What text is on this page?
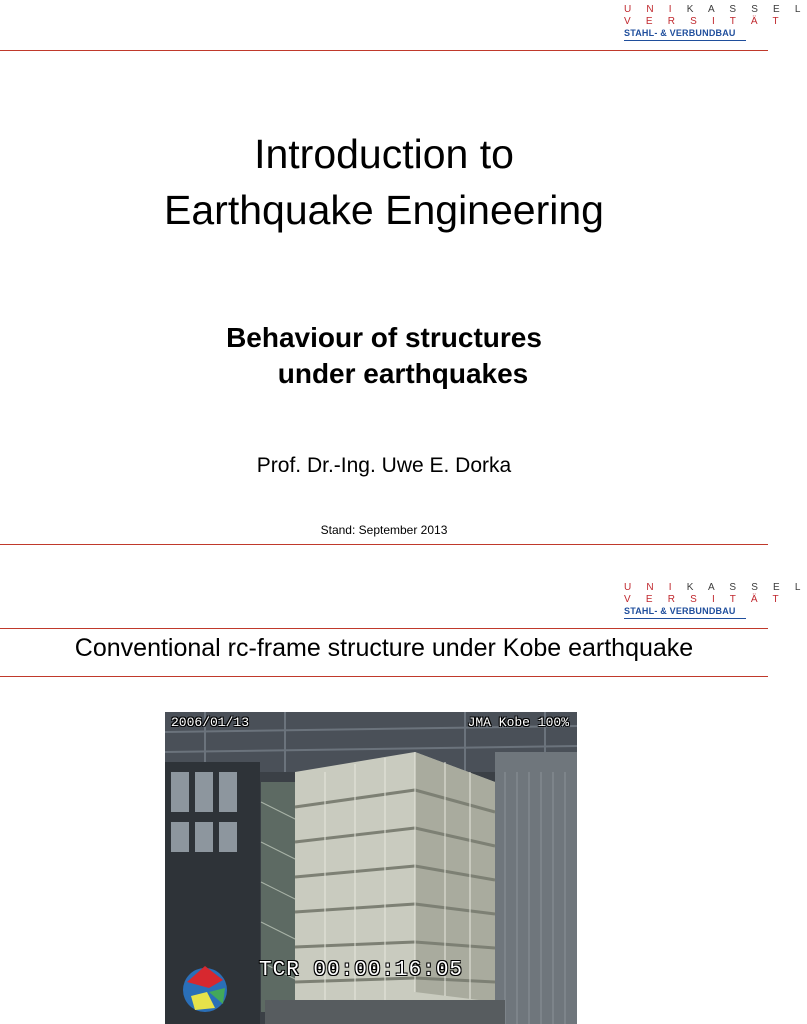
U N I K A S S E L
V E R S I T Ä T
STAHL- & VERBUNDBAU
Introduction to
Earthquake Engineering
Behaviour of structures
under earthquakes
Prof. Dr.-Ing. Uwe E. Dorka
Stand: September 2013
U N I K A S S E L
V E R S I T Ä T
STAHL- & VERBUNDBAU
Conventional rc-frame structure under Kobe earthquake
2006/01/13	JMA Kobe 100%
TCR 00:00:16:05
